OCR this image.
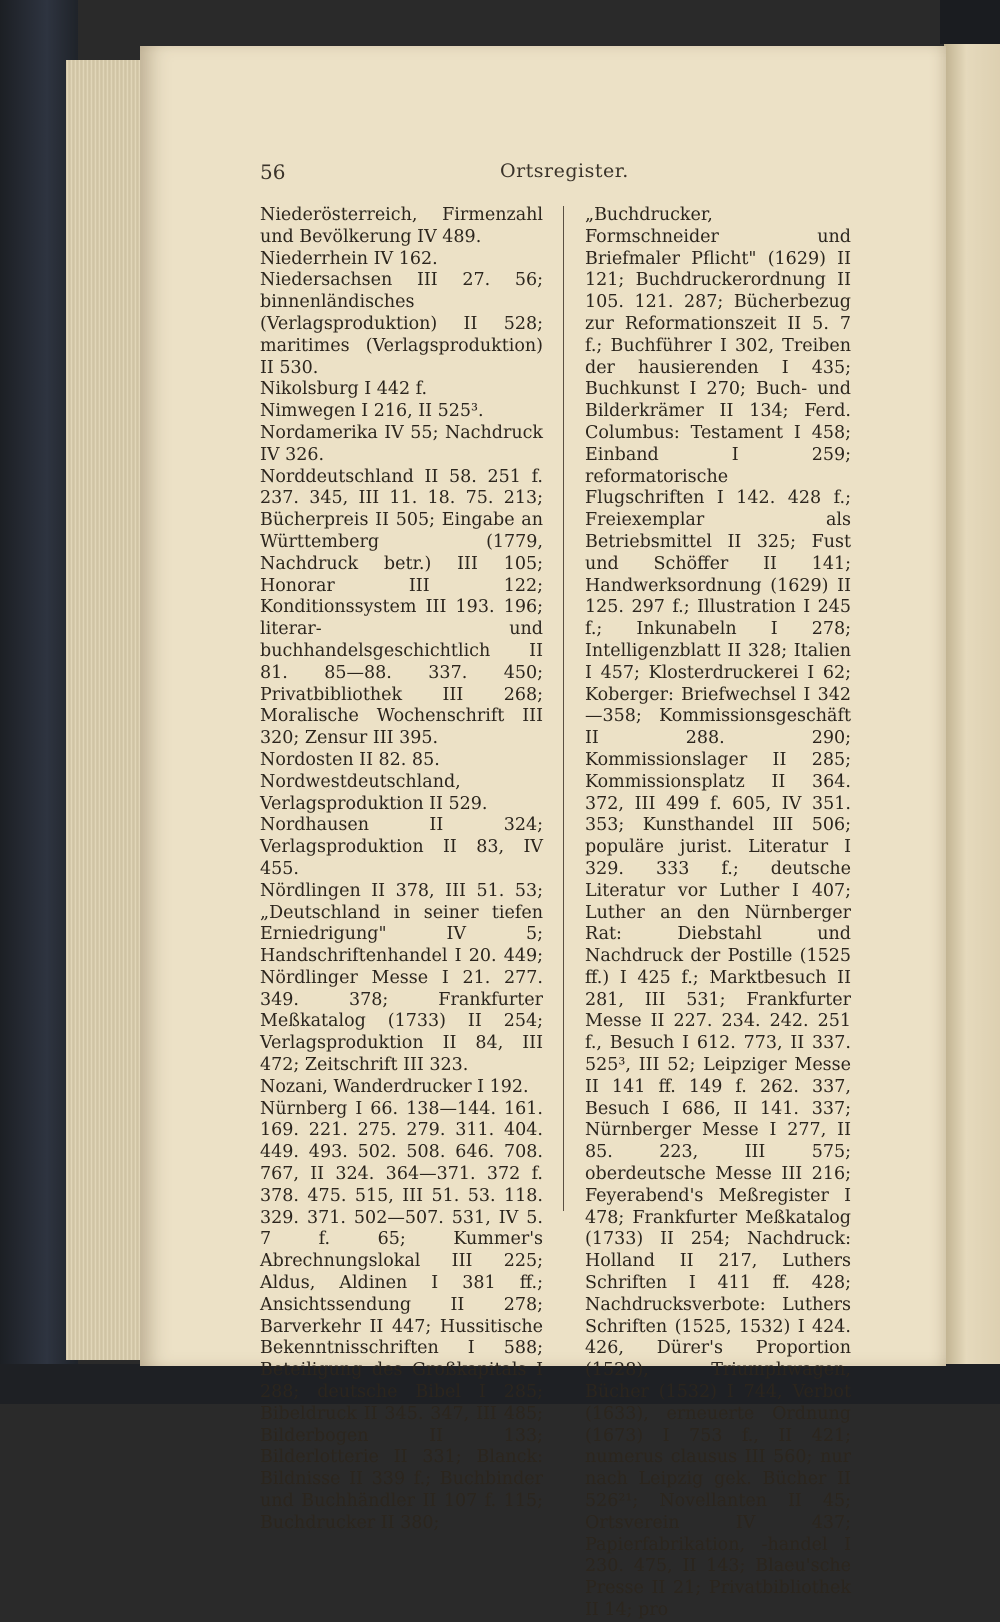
56	Ortsregister.

Niederösterreich, Firmenzahl und Bevölkerung IV 489.

Niederrhein IV 162.

Niedersachsen III 27. 56; binnenländisches (Verlagsproduktion) II 528; maritimes (Verlagsproduktion) II 530.

Nikolsburg I 442 f.

Nimwegen I 216, II 525³.

Nordamerika IV 55; Nachdruck IV 326.

Norddeutschland II 58. 251 f. 237. 345, III 11. 18. 75. 213; Bücherpreis II 505; Eingabe an Württemberg (1779, Nachdruck betr.) III 105; Honorar III 122; Konditionssystem III 193. 196; literar- und buchhandelsgeschichtlich II 81. 85—88. 337. 450; Privatbibliothek III 268; Moralische Wochenschrift III 320; Zensur III 395.

Nordosten II 82. 85.

Nordwestdeutschland, Verlagsproduktion II 529.

Nordhausen II 324; Verlagsproduktion II 83, IV 455.

Nördlingen II 378, III 51. 53; „Deutschland in seiner tiefen Erniedrigung" IV 5; Handschriftenhandel I 20. 449; Nördlinger Messe I 21. 277. 349. 378; Frankfurter Meßkatalog (1733) II 254; Verlagsproduktion II 84, III 472; Zeitschrift III 323.

Nozani, Wanderdrucker I 192.

Nürnberg I 66. 138—144. 161. 169. 221. 275. 279. 311. 404. 449. 493. 502. 508. 646. 708. 767, II 324. 364—371. 372 f. 378. 475. 515, III 51. 53. 118. 329. 371. 502—507. 531, IV 5. 7 f. 65; Kummer's Abrechnungslokal III 225; Aldus, Aldinen I 381 ff.; Ansichtssendung II 278; Barverkehr II 447; Hussitische Bekenntnisschriften I 588; Beteiligung des Großkapitals I 288; deutsche Bibel I 285; Bibeldruck II 345. 347, III 485; Bilderbogen II 133; Bilderlotterie II 331; Blanck: Bildnisse II 339 f.; Buchbinder und Buchhändler II 107 f. 115; Buchdrucker II 380;

„Buchdrucker, Formschneider und Briefmaler Pflicht" (1629) II 121; Buchdruckerordnung II 105. 121. 287; Bücherbezug zur Reformationszeit II 5. 7 f.; Buchführer I 302, Treiben der hausierenden I 435; Buchkunst I 270; Buch- und Bilderkrämer II 134; Ferd. Columbus: Testament I 458; Einband I 259; reformatorische Flugschriften I 142. 428 f.; Freiexemplar als Betriebsmittel II 325; Fust und Schöffer II 141; Handwerksordnung (1629) II 125. 297 f.; Illustration I 245 f.; Inkunabeln I 278; Intelligenzblatt II 328; Italien I 457; Klosterdruckerei I 62; Koberger: Briefwechsel I 342—358; Kommissionsgeschäft II 288. 290; Kommissionslager II 285; Kommissionsplatz II 364. 372, III 499 f. 605, IV 351. 353; Kunsthandel III 506; populäre jurist. Literatur I 329. 333 f.; deutsche Literatur vor Luther I 407; Luther an den Nürnberger Rat: Diebstahl und Nachdruck der Postille (1525 ff.) I 425 f.; Marktbesuch II 281, III 531; Frankfurter Messe II 227. 234. 242. 251 f., Besuch I 612. 773, II 337. 525³, III 52; Leipziger Messe II 141 ff. 149 f. 262. 337, Besuch I 686, II 141. 337; Nürnberger Messe I 277, II 85. 223, III 575; oberdeutsche Messe III 216; Feyerabend's Meßregister I 478; Frankfurter Meßkatalog (1733) II 254; Nachdruck: Holland II 217, Luthers Schriften I 411 ff. 428; Nachdrucksverbote: Luthers Schriften (1525, 1532) I 424. 426, Dürer's Proportion (1528), Triumphwagen, Bücher (1532) I 744, Verbot (1633), erneuerte Ordnung (1673) I 753 f., II 421; numerus clausus III 560; nur nach Leipzig gek. Bücher II 526²¹; Novellanten II 45; Ortsverein IV 437; Papierfabrikation, -handel I 230. 475, II 143; Blaeu'sche Presse II 21; Privatbibliothek II 14; pro
